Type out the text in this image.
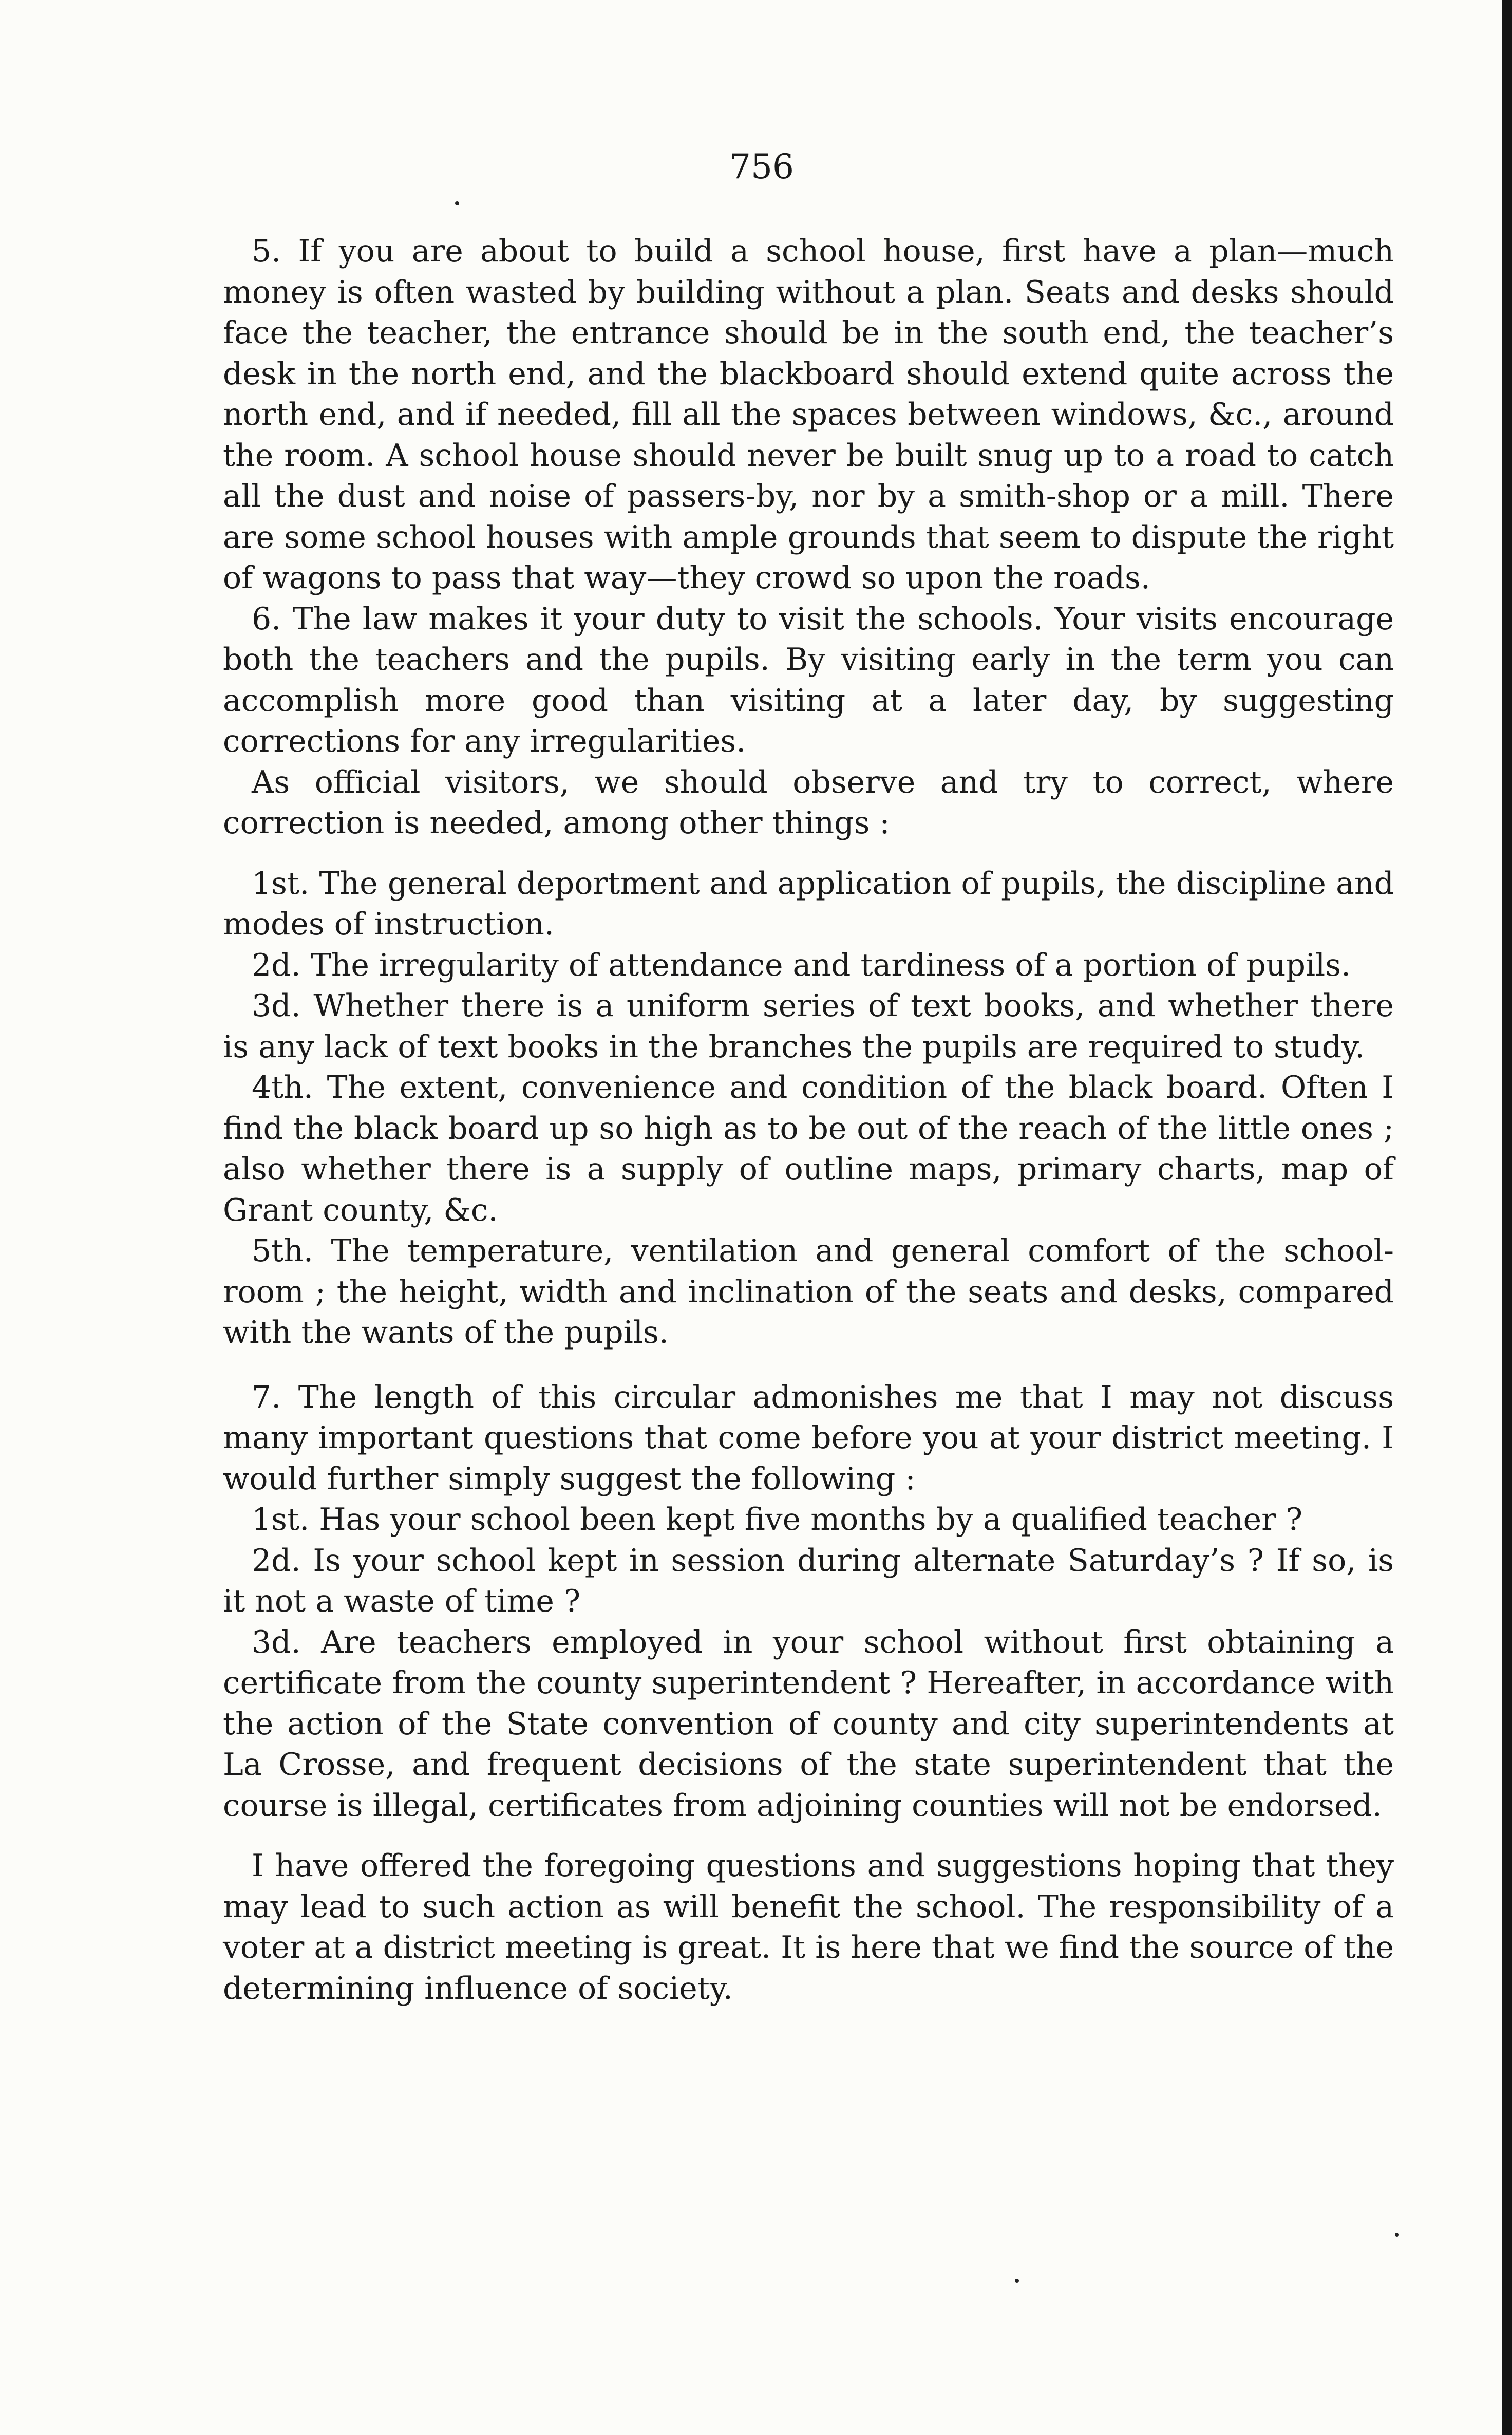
756

5. If you are about to build a school house, first have a plan—much money is often wasted by building without a plan. Seats and desks should face the teacher, the entrance should be in the south end, the teacher’s desk in the north end, and the blackboard should extend quite across the north end, and if needed, fill all the spaces between windows, &c., around the room. A school house should never be built snug up to a road to catch all the dust and noise of passers-by, nor by a smith-shop or a mill. There are some school houses with ample grounds that seem to dispute the right of wagons to pass that way—they crowd so upon the roads.

6. The law makes it your duty to visit the schools. Your visits encourage both the teachers and the pupils. By visiting early in the term you can accomplish more good than visiting at a later day, by suggesting corrections for any irregularities.

As official visitors, we should observe and try to correct, where correction is needed, among other things :

1st. The general deportment and application of pupils, the discipline and modes of instruction.

2d. The irregularity of attendance and tardiness of a portion of pupils.

3d. Whether there is a uniform series of text books, and whether there is any lack of text books in the branches the pupils are required to study.

4th. The extent, convenience and condition of the black board. Often I find the black board up so high as to be out of the reach of the little ones ; also whether there is a supply of outline maps, primary charts, map of Grant county, &c.

5th. The temperature, ventilation and general comfort of the school-room ; the height, width and inclination of the seats and desks, compared with the wants of the pupils.

7. The length of this circular admonishes me that I may not discuss many important questions that come before you at your district meeting. I would further simply suggest the following :

1st. Has your school been kept five months by a qualified teacher ?

2d. Is your school kept in session during alternate Saturday’s ? If so, is it not a waste of time ?

3d. Are teachers employed in your school without first obtaining a certificate from the county superintendent ? Hereafter, in accordance with the action of the State convention of county and city superintendents at La Crosse, and frequent decisions of the state superintendent that the course is illegal, certificates from adjoining counties will not be endorsed.

I have offered the foregoing questions and suggestions hoping that they may lead to such action as will benefit the school. The responsibility of a voter at a district meeting is great. It is here that we find the source of the determining influence of society.
